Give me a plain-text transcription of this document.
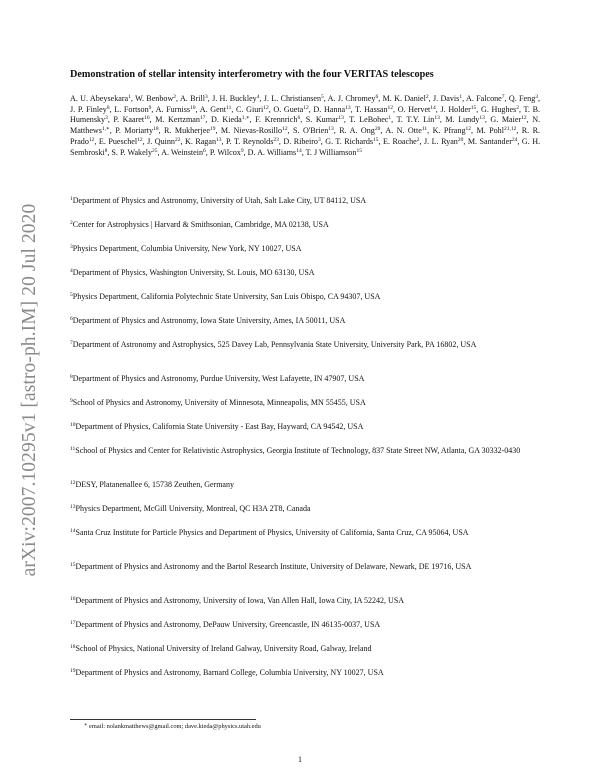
arXiv:2007.10295v1 [astro-ph.IM] 20 Jul 2020
Demonstration of stellar intensity interferometry with the four VERITAS telescopes
A. U. Abeysekara$^1$, W. Benbow$^2$, A. Brill$^3$, J. H. Buckley$^4$, J. L. Christiansen$^5$, A. J. Chromey$^6$, M. K. Daniel$^2$, J. Davis$^1$, A. Falcone$^7$, Q. Feng$^3$, J. P. Finley$^8$, L. Fortson$^9$, A. Furniss$^{10}$, A. Gent$^{11}$, C. Giuri$^{12}$, O. Gueta$^{12}$, D. Hanna$^{13}$, T. Hassan$^{12}$, O. Hervet$^{14}$, J. Holder$^{15}$, G. Hughes$^2$, T. B. Humensky$^3$, P. Kaaret$^{16}$, M. Kertzman$^{17}$, D. Kieda$^{1,∗}$, F. Krennrich$^6$, S. Kumar$^{13}$, T. LeBohec$^1$, T. T.Y. Lin$^{13}$, M. Lundy$^{13}$, G. Maier$^{12}$, N. Matthews$^{1,∗}$, P. Moriarty$^{18}$, R. Mukherjee$^{19}$, M. Nievas-Rosillo$^{12}$, S. O'Brien$^{13}$, R. A. Ong$^{20}$, A. N. Otte$^{11}$, K. Pfrang$^{12}$, M. Pohl$^{21,12}$, R. R. Prado$^{12}$, E. Pueschel$^{12}$, J. Quinn$^{22}$, K. Ragan$^{13}$, P. T. Reynolds$^{23}$, D. Ribeiro$^3$, G. T. Richards$^{15}$, E. Roache$^2$, J. L. Ryan$^{20}$, M. Santander$^{24}$, G. H. Sembroski$^8$, S. P. Wakely$^{25}$, A. Weinstein$^6$, P. Wilcox$^9$, D. A. Williams$^{14}$, T. J Williamson$^{15}$
$^1$Department of Physics and Astronomy, University of Utah, Salt Lake City, UT 84112, USA
$^2$Center for Astrophysics | Harvard & Smithsonian, Cambridge, MA 02138, USA
$^3$Physics Department, Columbia University, New York, NY 10027, USA
$^4$Department of Physics, Washington University, St. Louis, MO 63130, USA
$^5$Physics Department, California Polytechnic State University, San Luis Obispo, CA 94307, USA
$^6$Department of Physics and Astronomy, Iowa State University, Ames, IA 50011, USA
$^7$Department of Astronomy and Astrophysics, 525 Davey Lab, Pennsylvania State University, University Park, PA 16802, USA
$^8$Department of Physics and Astronomy, Purdue University, West Lafayette, IN 47907, USA
$^9$School of Physics and Astronomy, University of Minnesota, Minneapolis, MN 55455, USA
$^{10}$Department of Physics, California State University - East Bay, Hayward, CA 94542, USA
$^{11}$School of Physics and Center for Relativistic Astrophysics, Georgia Institute of Technology, 837 State Street NW, Atlanta, GA 30332-0430
$^{12}$DESY, Platanenallee 6, 15738 Zeuthen, Germany
$^{13}$Physics Department, McGill University, Montreal, QC H3A 2T8, Canada
$^{14}$Santa Cruz Institute for Particle Physics and Department of Physics, University of California, Santa Cruz, CA 95064, USA
$^{15}$Department of Physics and Astronomy and the Bartol Research Institute, University of Delaware, Newark, DE 19716, USA
$^{16}$Department of Physics and Astronomy, University of Iowa, Van Allen Hall, Iowa City, IA 52242, USA
$^{17}$Department of Physics and Astronomy, DePauw University, Greencastle, IN 46135-0037, USA
$^{18}$School of Physics, National University of Ireland Galway, University Road, Galway, Ireland
$^{19}$Department of Physics and Astronomy, Barnard College, Columbia University, NY 10027, USA
∗ email: nolankmatthews@gmail.com; dave.kieda@physics.utah.edu
1
